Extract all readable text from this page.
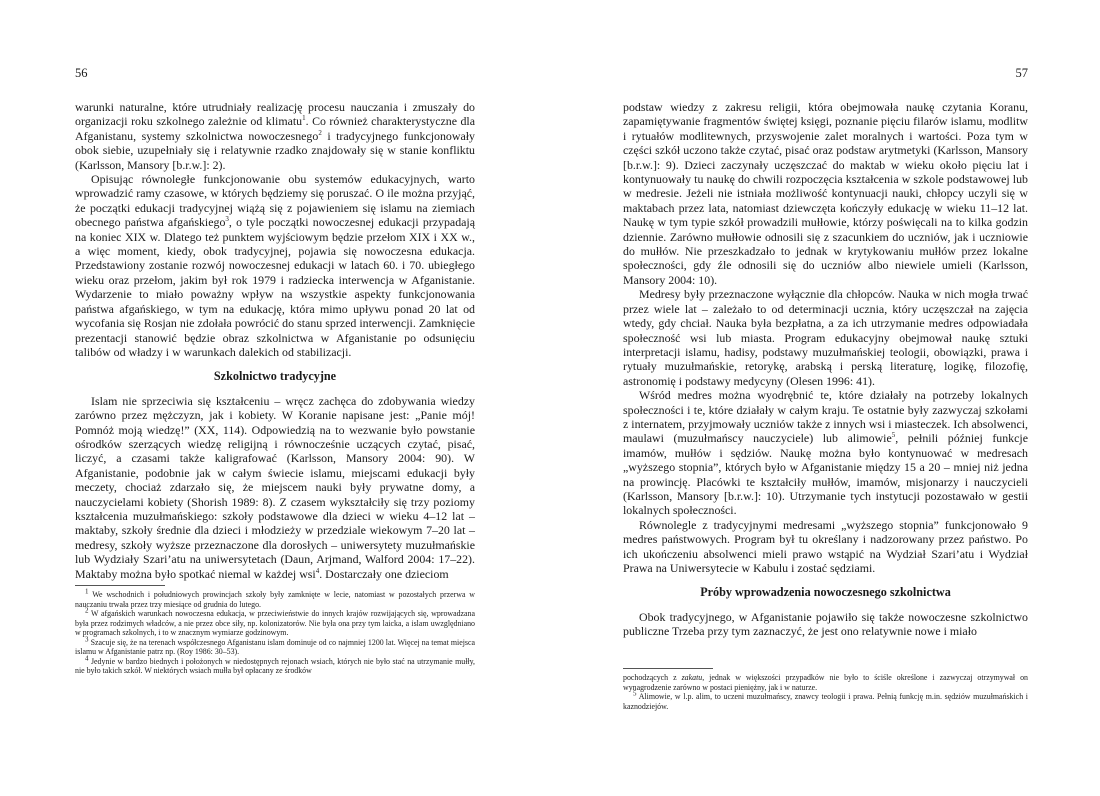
56

warunki naturalne, które utrudniały realizację procesu nauczania i zmuszały do organizacji roku szkolnego zależnie od klimatu$^1$. Co również charakterystyczne dla Afganistanu, systemy szkolnictwa nowoczesnego$^2$ i tradycyjnego funkcjonowały obok siebie, uzupełniały się i relatywnie rzadko znajdowały się w stanie konfliktu (Karlsson, Mansory [b.r.w.]: 2).

Opisując równoległe funkcjonowanie obu systemów edukacyjnych, warto wprowadzić ramy czasowe, w których będziemy się poruszać. O ile można przyjąć, że początki edukacji tradycyjnej wiążą się z pojawieniem się islamu na ziemiach obecnego państwa afgańskiego$^3$, o tyle początki nowoczesnej edukacji przypadają na koniec XIX w. Dlatego też punktem wyjściowym będzie przełom XIX i XX w., a więc moment, kiedy, obok tradycyjnej, pojawia się nowoczesna edukacja. Przedstawiony zostanie rozwój nowoczesnej edukacji w latach 60. i 70. ubiegłego wieku oraz przełom, jakim był rok 1979 i radziecka interwencja w Afganistanie. Wydarzenie to miało poważny wpływ na wszystkie aspekty funkcjonowania państwa afgańskiego, w tym na edukację, która mimo upływu ponad 20 lat od wycofania się Rosjan nie zdołała powrócić do stanu sprzed interwencji. Zamknięcie prezentacji stanowić będzie obraz szkolnictwa w Afganistanie po odsunięciu talibów od władzy i w warunkach dalekich od stabilizacji.

Szkolnictwo tradycyjne

Islam nie sprzeciwia się kształceniu – wręcz zachęca do zdobywania wiedzy zarówno przez mężczyzn, jak i kobiety. W Koranie napisane jest: „Panie mój! Pomnóż moją wiedzę!” (XX, 114). Odpowiedzią na to wezwanie było powstanie ośrodków szerzących wiedzę religijną i równocześnie uczących czytać, pisać, liczyć, a czasami także kaligrafować (Karlsson, Mansory 2004: 90). W Afganistanie, podobnie jak w całym świecie islamu, miejscami edukacji były meczety, chociaż zdarzało się, że miejscem nauki były prywatne domy, a nauczycielami kobiety (Shorish 1989: 8). Z czasem wykształciły się trzy poziomy kształcenia muzułmańskiego: szkoły podstawowe dla dzieci w wieku 4–12 lat – maktaby, szkoły średnie dla dzieci i młodzieży w przedziale wiekowym 7–20 lat – medresy, szkoły wyższe przeznaczone dla dorosłych – uniwersytety muzułmańskie lub Wydziały Szari’atu na uniwersytetach (Daun, Arjmand, Walford 2004: 17–22). Maktaby można było spotkać niemal w każdej wsi$^4$. Dostarczały one dzieciom

$^1$ We wschodnich i południowych prowincjach szkoły były zamknięte w lecie, natomiast w pozostałych przerwa w nauczaniu trwała przez trzy miesiące od grudnia do lutego.

$^2$ W afgańskich warunkach nowoczesna edukacja, w przeciwieństwie do innych krajów rozwijających się, wprowadzana była przez rodzimych władców, a nie przez obce siły, np. kolonizatorów. Nie była ona przy tym laicka, a islam uwzględniano w programach szkolnych, i to w znacznym wymiarze godzinowym.

$^3$ Szacuje się, że na terenach współczesnego Afganistanu islam dominuje od co najmniej 1200 lat. Więcej na temat miejsca islamu w Afganistanie patrz np. (Roy 1986: 30–53).

$^4$ Jedynie w bardzo biednych i położonych w niedostępnych rejonach wsiach, których nie było stać na utrzymanie mułły, nie było takich szkół. W niektórych wsiach mułła był opłacany ze środków

57

podstaw wiedzy z zakresu religii, która obejmowała naukę czytania Koranu, zapamiętywanie fragmentów świętej księgi, poznanie pięciu filarów islamu, modlitw i rytuałów modlitewnych, przyswojenie zalet moralnych i wartości. Poza tym w części szkół uczono także czytać, pisać oraz podstaw arytmetyki (Karlsson, Mansory [b.r.w.]: 9). Dzieci zaczynały uczęszczać do maktab w wieku około pięciu lat i kontynuowały tu naukę do chwili rozpoczęcia kształcenia w szkole podstawowej lub w medresie. Jeżeli nie istniała możliwość kontynuacji nauki, chłopcy uczyli się w maktabach przez lata, natomiast dziewczęta kończyły edukację w wieku 11–12 lat. Naukę w tym typie szkół prowadzili mułłowie, którzy poświęcali na to kilka godzin dziennie. Zarówno mułłowie odnosili się z szacunkiem do uczniów, jak i uczniowie do mułłów. Nie przeszkadzało to jednak w krytykowaniu mułłów przez lokalne społeczności, gdy źle odnosili się do uczniów albo niewiele umieli (Karlsson, Mansory 2004: 10).

Medresy były przeznaczone wyłącznie dla chłopców. Nauka w nich mogła trwać przez wiele lat – zależało to od determinacji ucznia, który uczęszczał na zajęcia wtedy, gdy chciał. Nauka była bezpłatna, a za ich utrzymanie medres odpowiadała społeczność wsi lub miasta. Program edukacyjny obejmował naukę sztuki interpretacji islamu, hadisy, podstawy muzułmańskiej teologii, obowiązki, prawa i rytuały muzułmańskie, retorykę, arabską i perską literaturę, logikę, filozofię, astronomię i podstawy medycyny (Olesen 1996: 41).

Wśród medres można wyodrębnić te, które działały na potrzeby lokalnych społeczności i te, które działały w całym kraju. Te ostatnie były zazwyczaj szkołami z internatem, przyjmowały uczniów także z innych wsi i miasteczek. Ich absolwenci, maulawi (muzułmańscy nauczyciele) lub alimowie$^5$, pełnili później funkcje imamów, mułłów i sędziów. Naukę można było kontynuować w medresach „wyższego stopnia”, których było w Afganistanie między 15 a 20 – mniej niż jedna na prowincję. Placówki te kształciły mułłów, imamów, misjonarzy i nauczycieli (Karlsson, Mansory [b.r.w.]: 10). Utrzymanie tych instytucji pozostawało w gestii lokalnych społeczności.

Równolegle z tradycyjnymi medresami „wyższego stopnia” funkcjonowało 9 medres państwowych. Program był tu określany i nadzorowany przez państwo. Po ich ukończeniu absolwenci mieli prawo wstąpić na Wydział Szari’atu i Wydział Prawa na Uniwersytecie w Kabulu i zostać sędziami.

Próby wprowadzenia nowoczesnego szkolnictwa

Obok tradycyjnego, w Afganistanie pojawiło się także nowoczesne szkolnictwo publiczne Trzeba przy tym zaznaczyć, że jest ono relatywnie nowe i miało

pochodzących z zakatu, jednak w większości przypadków nie było to ściśle określone i zazwyczaj otrzymywał on wynagrodzenie zarówno w postaci pieniężny, jak i w naturze.

$^5$ Alimowie, w l.p. alim, to uczeni muzułmańscy, znawcy teologii i prawa. Pełnią funkcję m.in. sędziów muzułmańskich i kaznodziejów.
